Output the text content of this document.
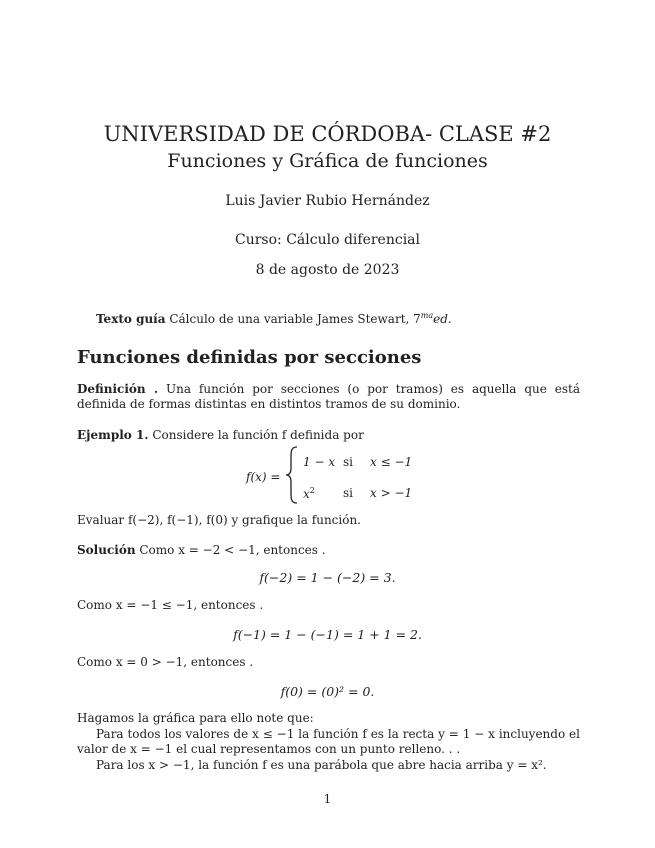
UNIVERSIDAD DE CÓRDOBA- CLASE #2
Funciones y Gráfica de funciones
Luis Javier Rubio Hernández
Curso: Cálculo diferencial
8 de agosto de 2023
Texto guía Cálculo de una variable James Stewart, $7^{ma}ed$.
Funciones definidas por secciones
Definición . Una función por secciones (o por tramos) es aquella que está definida de formas distintas en distintos tramos de su dominio.
Ejemplo 1. Considere la función f definida por
f(x) =
1 − x si x ≤ −1
$x^2$ si x > −1
Evaluar f(−2), f(−1), f(0) y grafique la función.
Solución Como x = −2 < −1, entonces .
f(−2) = 1 − (−2) = 3.
Como x = −1 ≤ −1, entonces .
f(−1) = 1 − (−1) = 1 + 1 = 2.
Como x = 0 > −1, entonces .
f(0) = (0)² = 0.
Hagamos la gráfica para ello note que:
Para todos los valores de x ≤ −1 la función f es la recta y = 1 − x incluyendo el valor de x = −1 el cual representamos con un punto relleno. . .
Para los x > −1, la función f es una parábola que abre hacia arriba y = x².
1
